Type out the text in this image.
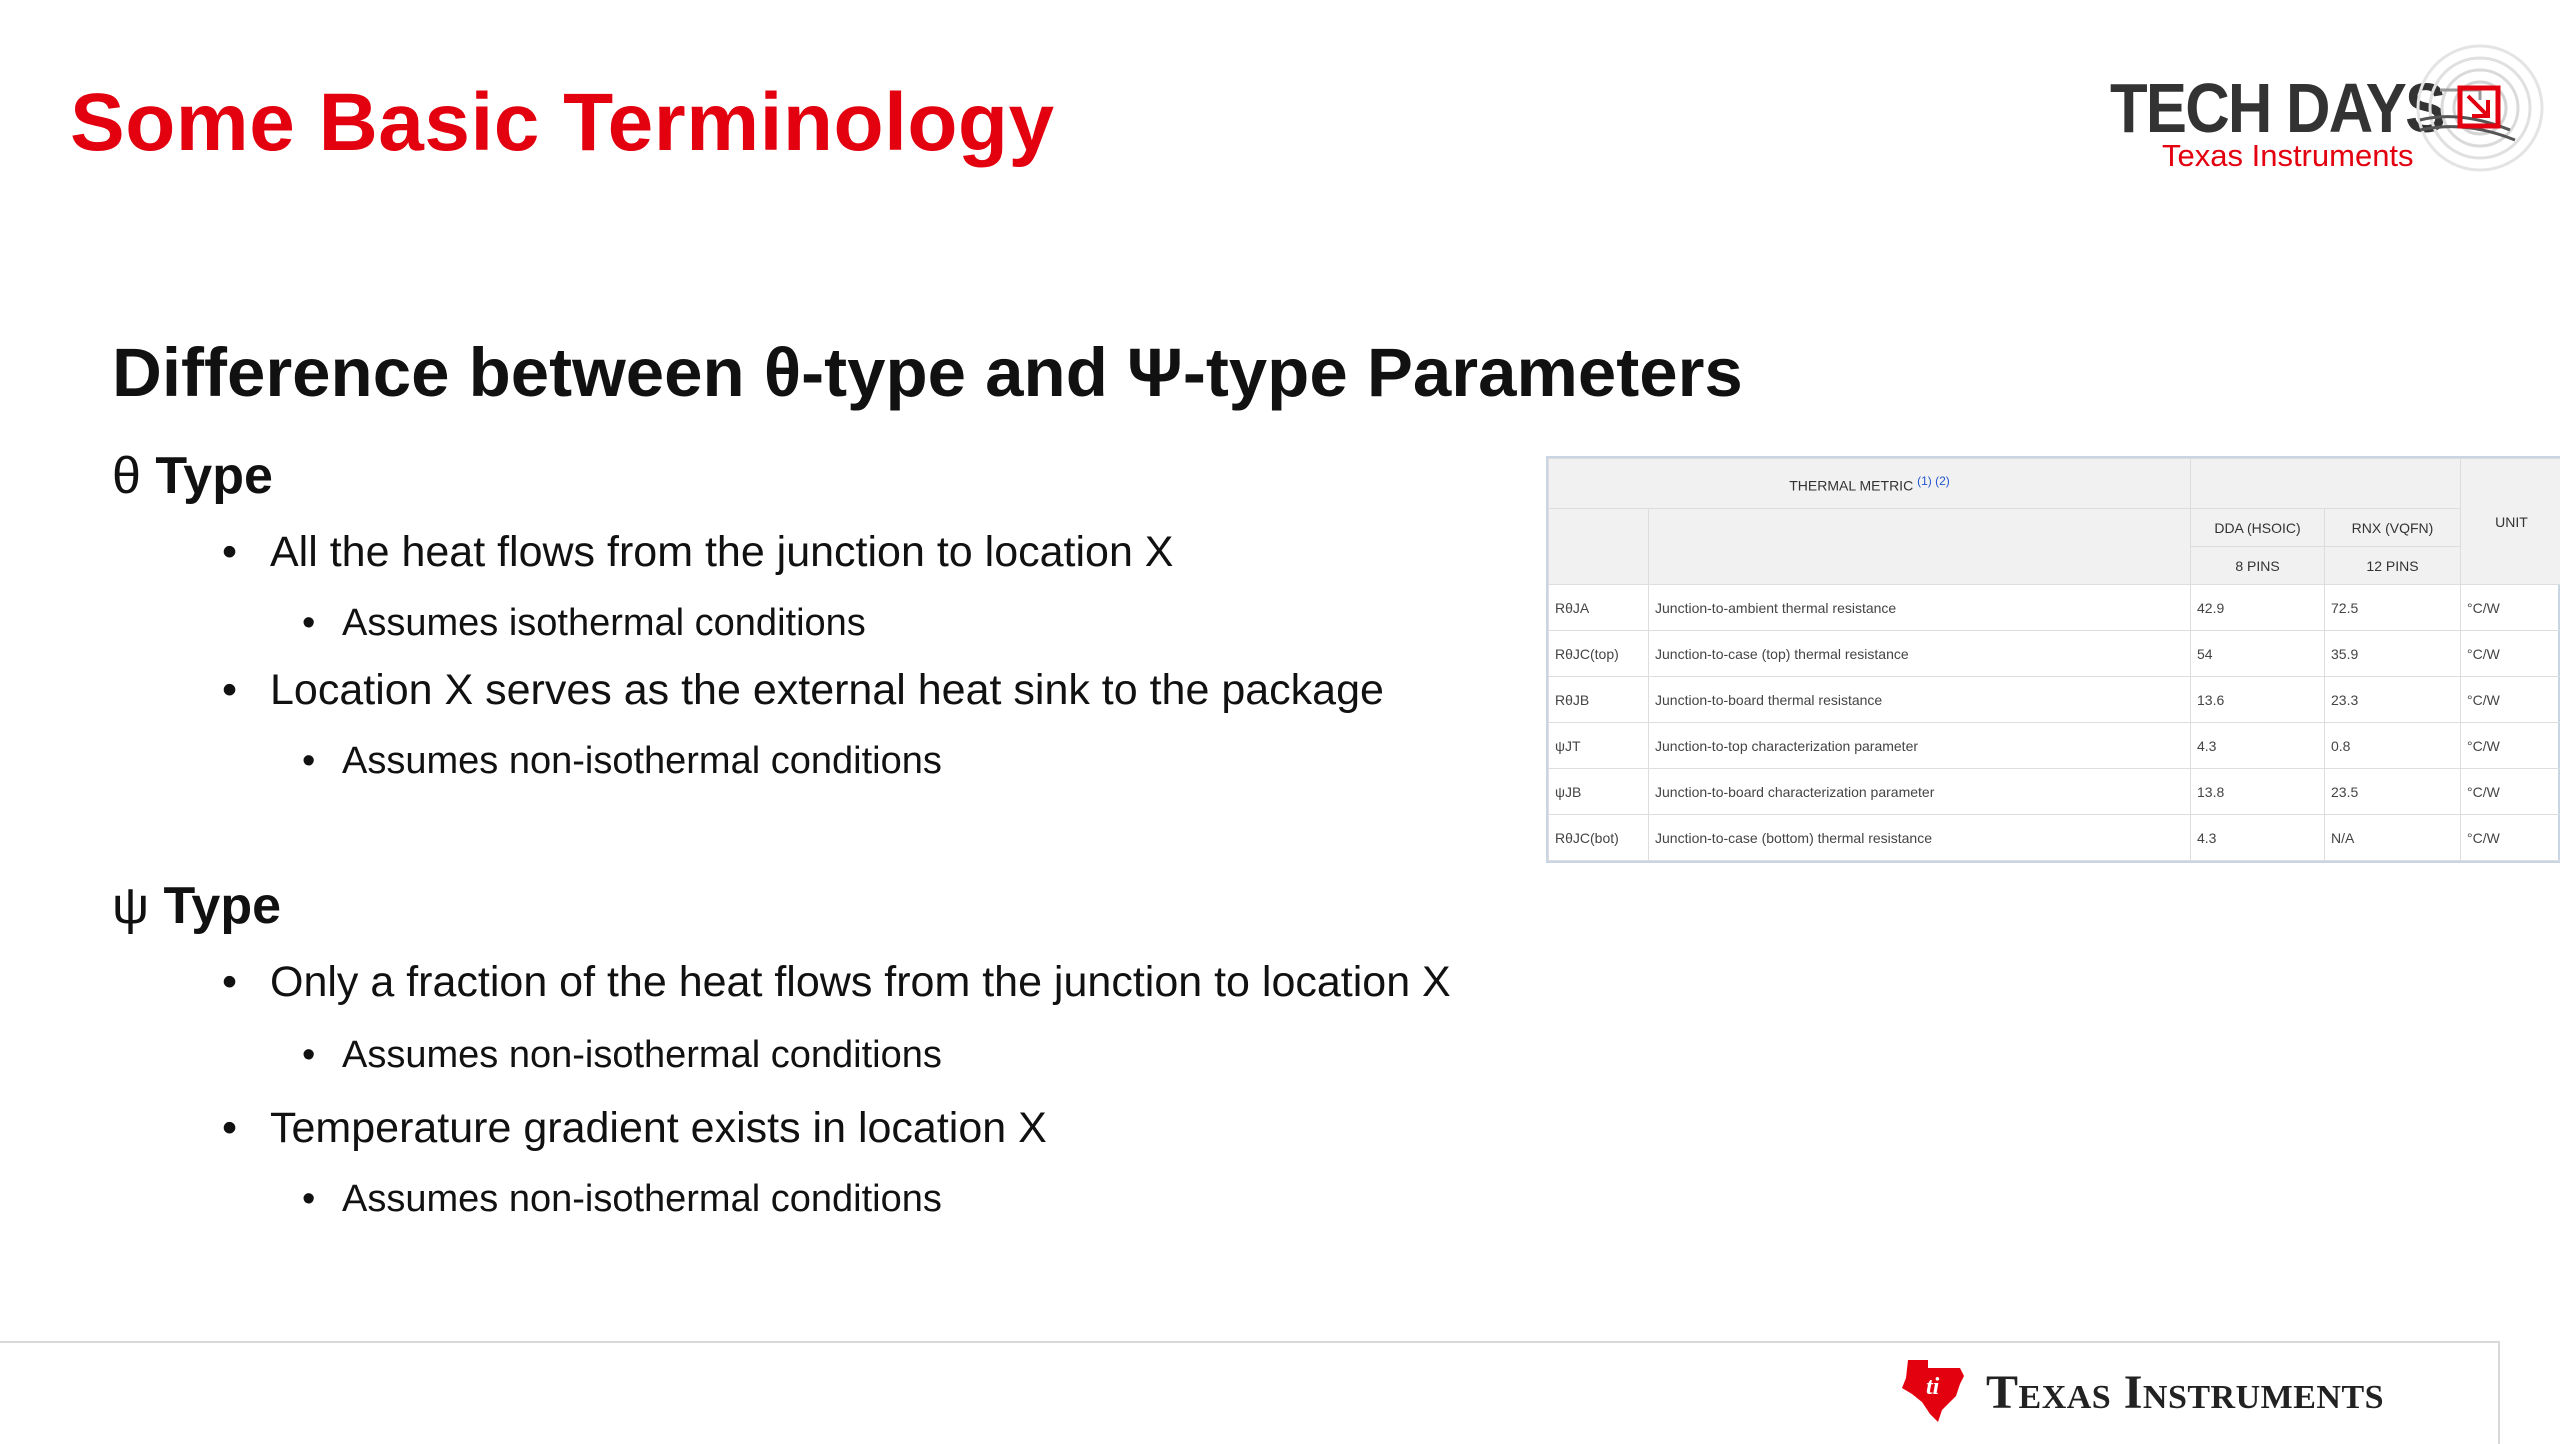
Some Basic Terminology	TECH DAYS
Texas Instruments
Difference between θ-type and Ψ-type Parameters
θ Type
• All the heat flows from the junction to location X
• Assumes isothermal conditions
• Location X serves as the external heat sink to the package
• Assumes non-isothermal conditions
ψ Type
• Only a fraction of the heat flows from the junction to location X
• Assumes non-isothermal conditions
• Temperature gradient exists in location X
• Assumes non-isothermal conditions
THERMAL METRIC $^{(1) (2)}$				UNIT
		DDA (HSOIC)	RNX (VQFN)	
		8 PINS	12 PINS	
RθJA	Junction-to-ambient thermal resistance	42.9	72.5	°C/W
RθJC(top)	Junction-to-case (top) thermal resistance	54	35.9	°C/W
RθJB	Junction-to-board thermal resistance	13.6	23.3	°C/W
ψJT	Junction-to-top characterization parameter	4.3	0.8	°C/W
ψJB	Junction-to-board characterization parameter	13.8	23.5	°C/W
RθJC(bot)	Junction-to-case (bottom) thermal resistance	4.3	N/A	°C/W
ti Texas Instruments
